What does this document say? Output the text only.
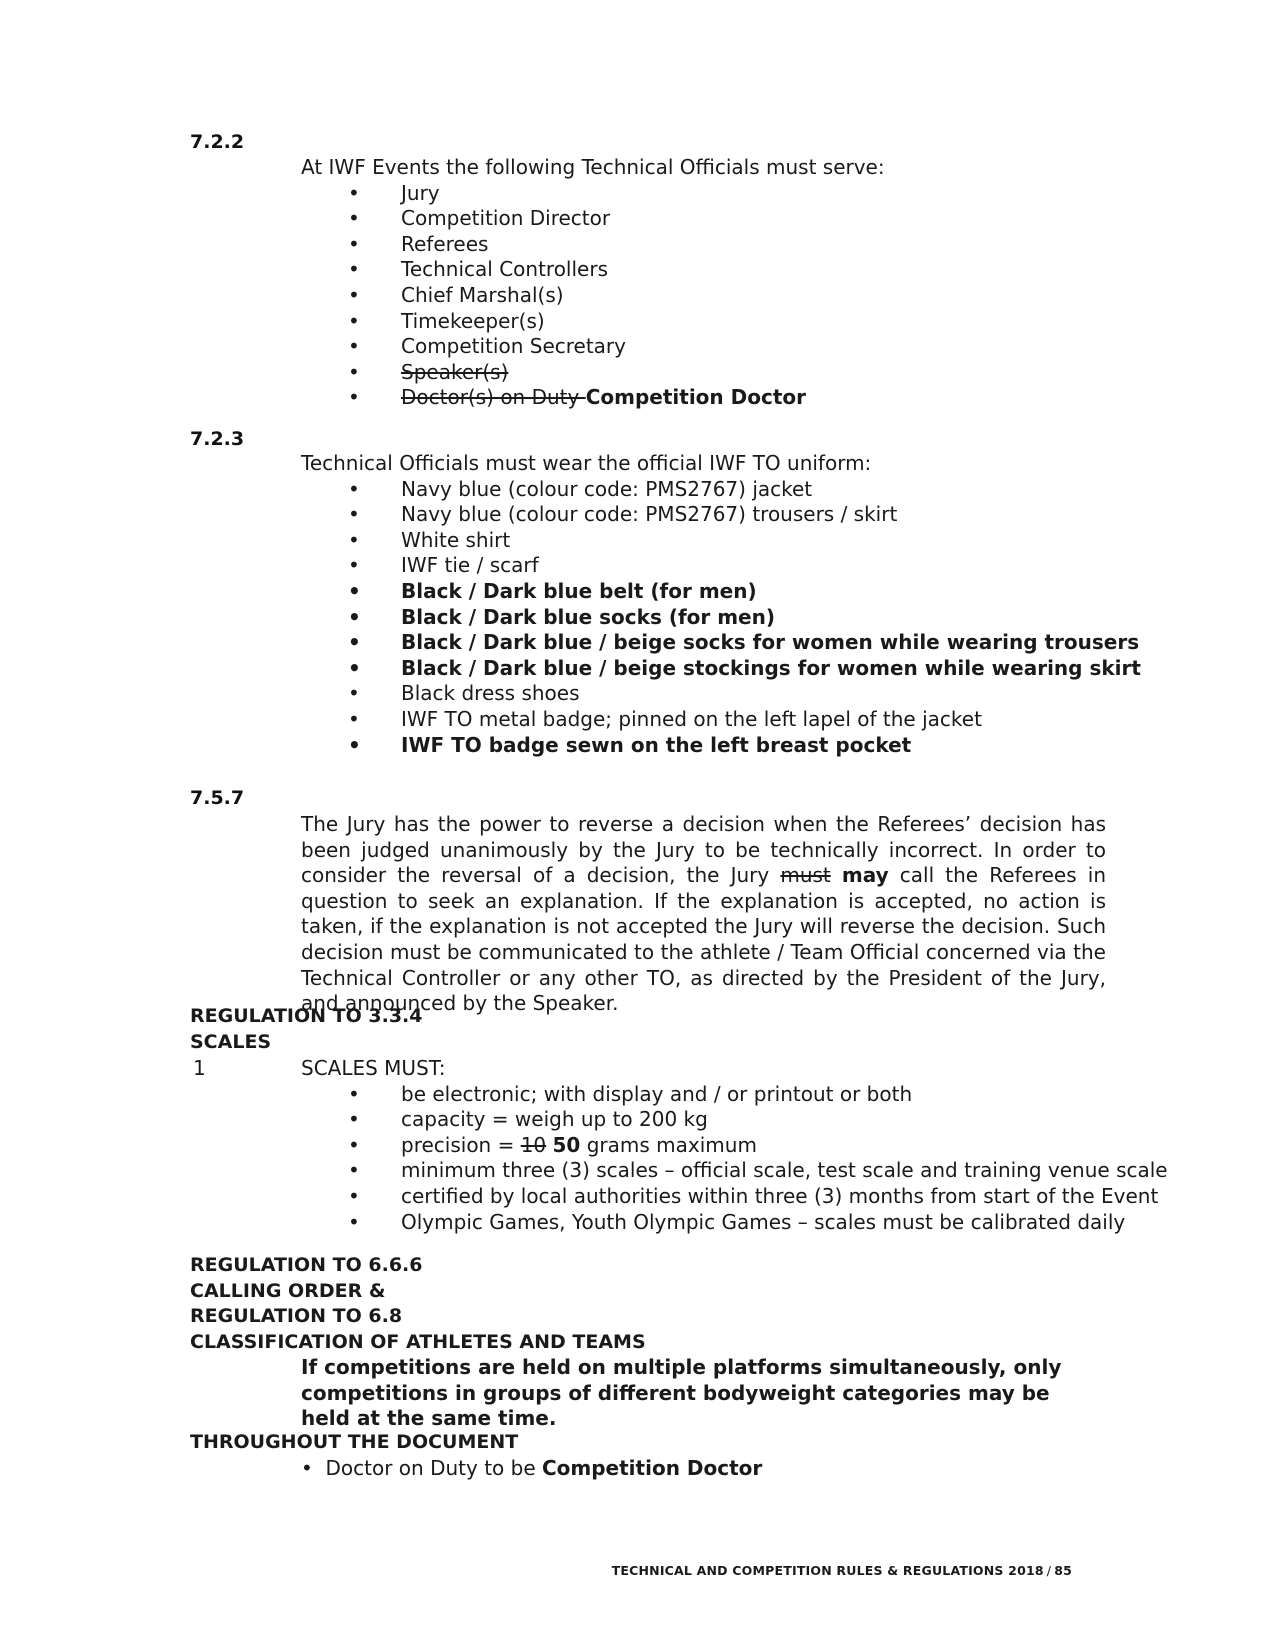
7.2.2

At IWF Events the following Technical Officials must serve:

• Jury
• Competition Director
• Referees
• Technical Controllers
• Chief Marshal(s)
• Timekeeper(s)
• Competition Secretary
• Speaker(s)
• Doctor(s) on Duty Competition Doctor
7.2.3

Technical Officials must wear the official IWF TO uniform:

• Navy blue (colour code: PMS2767) jacket
• Navy blue (colour code: PMS2767) trousers / skirt
• White shirt
• IWF tie / scarf
• Black / Dark blue belt (for men)
• Black / Dark blue socks (for men)
• Black / Dark blue / beige socks for women while wearing trousers
• Black / Dark blue / beige stockings for women while wearing skirt
• Black dress shoes
• IWF TO metal badge; pinned on the left lapel of the jacket
• IWF TO badge sewn on the left breast pocket
7.5.7

The Jury has the power to reverse a decision when the Referees’ decision has been judged unanimously by the Jury to be technically incorrect. In order to consider the reversal of a decision, the Jury must may call the Referees in question to seek an explanation. If the explanation is accepted, no action is taken, if the explanation is not accepted the Jury will reverse the decision. Such decision must be communicated to the athlete / Team Official concerned via the Technical Controller or any other TO, as directed by the President of the Jury, and announced by the Speaker.

REGULATION TO 3.3.4
SCALES
1	SCALES MUST:

• be electronic; with display and / or printout or both
• capacity = weigh up to 200 kg
• precision = 10 50 grams maximum
• minimum three (3) scales – official scale, test scale and training venue scale
• certified by local authorities within three (3) months from start of the Event
• Olympic Games, Youth Olympic Games – scales must be calibrated daily
REGULATION TO 6.6.6
CALLING ORDER &
REGULATION TO 6.8
CLASSIFICATION OF ATHLETES AND TEAMS

If competitions are held on multiple platforms simultaneously, only competitions in groups of different bodyweight categories may be held at the same time.

THROUGHOUT THE DOCUMENT
• Doctor on Duty to be Competition Doctor
TECHNICAL AND COMPETITION RULES & REGULATIONS 2018 / 85
